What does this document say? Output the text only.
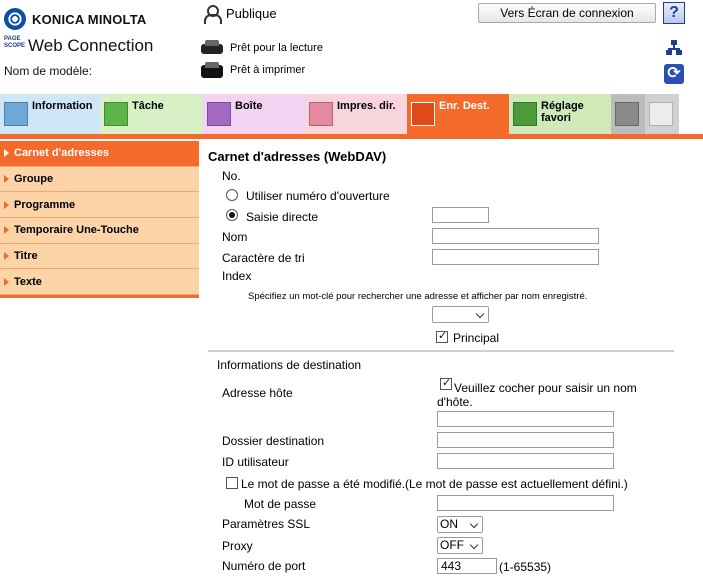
KONICA MINOLTA
PAGE SCOPE Web Connection
Nom de modèle:
Publique	Vers Écran de connexion	?
Prêt pour la lecture
Prêt à imprimer	⟳
Information	Tâche	Boîte	Impres. dir.	Enr. Dest.	Réglage favori
Carnet d'adresses
Groupe
Programme
Temporaire Une-Touche
Titre
Texte
Carnet d'adresses (WebDAV)
No.
Utiliser numéro d'ouverture
Saisie directe
Nom
Caractère de tri
Index
Spécifiez un mot-clé pour rechercher une adresse et afficher par nom enregistré.
✓
Principal
Informations de destination
Adresse hôte
✓	Veuillez cocher pour saisir un nom
d'hôte.
Dossier destination
ID utilisateur
Le mot de passe a été modifié. (Le mot de passe est actuellement défini.)
Mot de passe
Paramètres SSL	ON
Proxy	OFF
Numéro de port	443	(1-65535)
